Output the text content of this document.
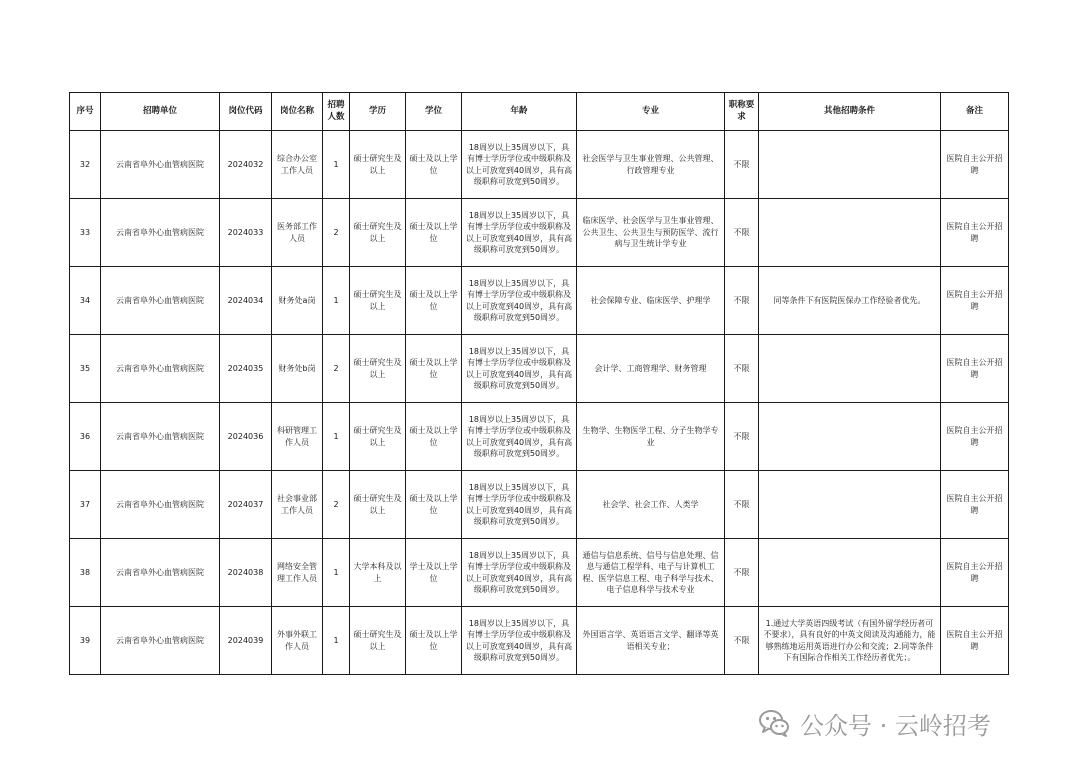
序号	招聘单位	岗位代码	岗位名称	招聘人数	学历	学位	年龄	专业	职称要求	其他招聘条件	备注
32	云南省阜外心血管病医院	2024032	综合办公室工作人员	1	硕士研究生及以上	硕士及以上学位	18周岁以上35周岁以下，具有博士学历学位或中级职称及以上可放宽到40周岁，具有高级职称可放宽到50周岁。	社会医学与卫生事业管理、公共管理、行政管理专业	不限		医院自主公开招聘
33	云南省阜外心血管病医院	2024033	医务部工作人员	2	硕士研究生及以上	硕士及以上学位	18周岁以上35周岁以下，具有博士学历学位或中级职称及以上可放宽到40周岁，具有高级职称可放宽到50周岁。	临床医学、社会医学与卫生事业管理、公共卫生、公共卫生与预防医学、流行病与卫生统计学专业	不限		医院自主公开招聘
34	云南省阜外心血管病医院	2024034	财务处a岗	1	硕士研究生及以上	硕士及以上学位	18周岁以上35周岁以下，具有博士学历学位或中级职称及以上可放宽到40周岁，具有高级职称可放宽到50周岁。	社会保障专业、临床医学、护理学	不限	同等条件下有医院医保办工作经验者优先。	医院自主公开招聘
35	云南省阜外心血管病医院	2024035	财务处b岗	2	硕士研究生及以上	硕士及以上学位	18周岁以上35周岁以下，具有博士学历学位或中级职称及以上可放宽到40周岁，具有高级职称可放宽到50周岁。	会计学、工商管理学、财务管理	不限		医院自主公开招聘
36	云南省阜外心血管病医院	2024036	科研管理工作人员	1	硕士研究生及以上	硕士及以上学位	18周岁以上35周岁以下，具有博士学历学位或中级职称及以上可放宽到40周岁，具有高级职称可放宽到50周岁。	生物学、生物医学工程、分子生物学专业	不限		医院自主公开招聘
37	云南省阜外心血管病医院	2024037	社会事业部工作人员	2	硕士研究生及以上	硕士及以上学位	18周岁以上35周岁以下，具有博士学历学位或中级职称及以上可放宽到40周岁，具有高级职称可放宽到50周岁。	社会学、社会工作、人类学	不限		医院自主公开招聘
38	云南省阜外心血管病医院	2024038	网络安全管理工作人员	1	大学本科及以上	学士及以上学位	18周岁以上35周岁以下，具有博士学历学位或中级职称及以上可放宽到40周岁，具有高级职称可放宽到50周岁。	通信与信息系统、信号与信息处理、信息与通信工程学科、电子与计算机工程、医学信息工程、电子科学与技术、电子信息科学与技术专业	不限		医院自主公开招聘
39	云南省阜外心血管病医院	2024039	外事外联工作人员	1	硕士研究生及以上	硕士及以上学位	18周岁以上35周岁以下，具有博士学历学位或中级职称及以上可放宽到40周岁，具有高级职称可放宽到50周岁。	外国语言学、英语语言文学、翻译等英语相关专业；	不限	1.通过大学英语四级考试（有国外留学经历者可不要求），具有良好的中英文阅读及沟通能力，能够熟练地运用英语进行办公和交流；2.同等条件下有国际合作相关工作经历者优先；。	医院自主公开招聘
公众号 · 云岭招考
